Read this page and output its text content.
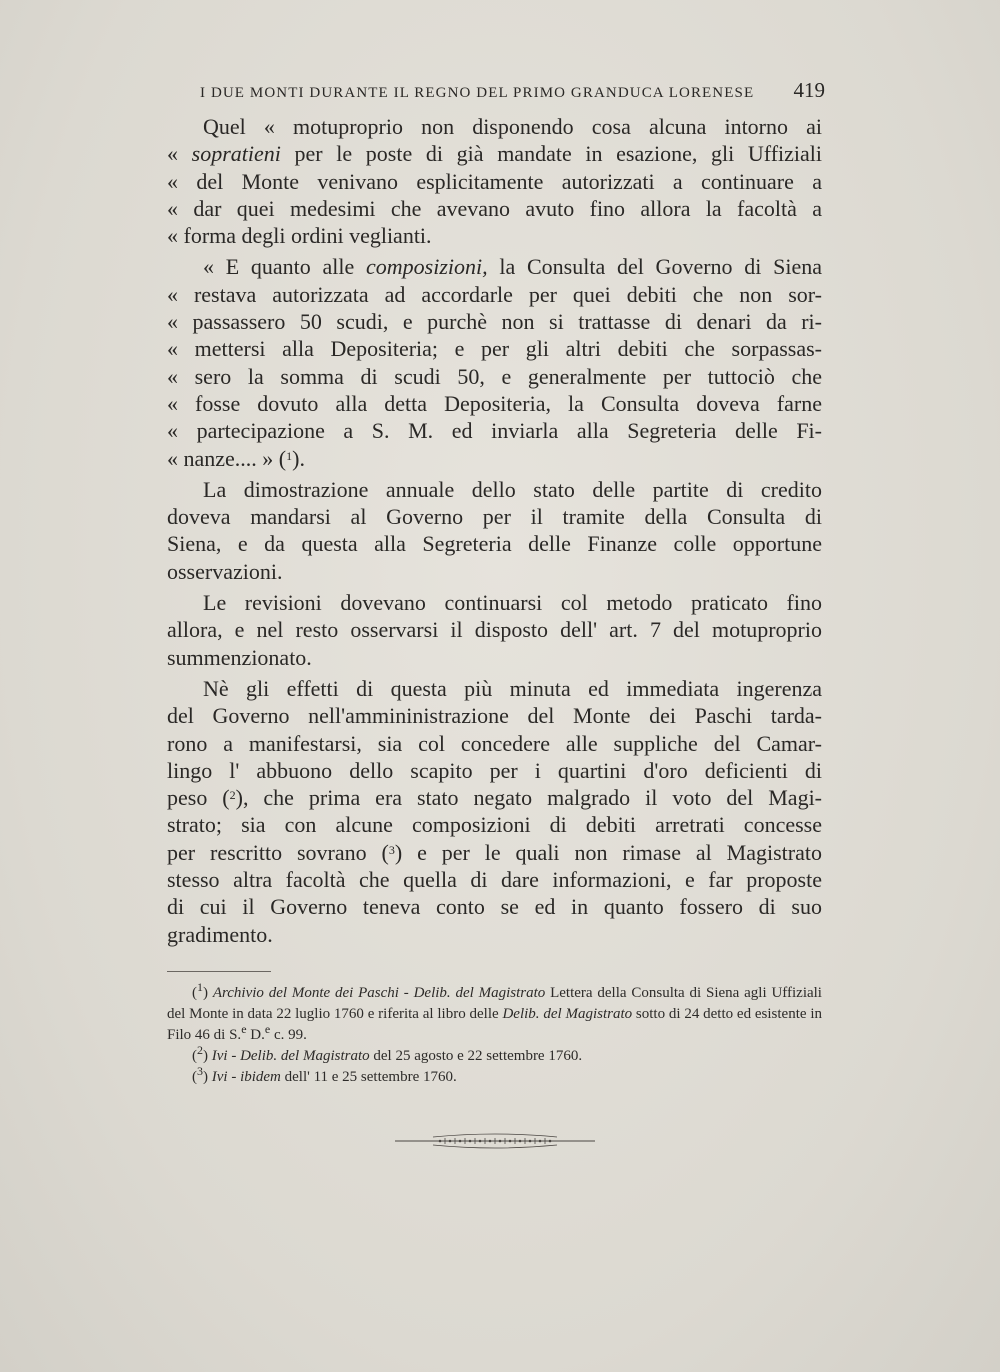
I DUE MONTI DURANTE IL REGNO DEL PRIMO GRANDUCA LORENESE 419

Quel « motuproprio non disponendo cosa alcuna intorno ai
« sopratieni per le poste di già mandate in esazione, gli Uffiziali
« del Monte venivano esplicitamente autorizzati a continuare a
« dar quei medesimi che avevano avuto fino allora la facoltà a
« forma degli ordini veglianti.

« E quanto alle composizioni, la Consulta del Governo di Siena
« restava autorizzata ad accordarle per quei debiti che non sor-
« passassero 50 scudi, e purchè non si trattasse di denari da ri-
« mettersi alla Depositeria; e per gli altri debiti che sorpassas-
« sero la somma di scudi 50, e generalmente per tuttociò che
« fosse dovuto alla detta Depositeria, la Consulta doveva farne
« partecipazione a S. M. ed inviarla alla Segreteria delle Fi-
« nanze.... » ($^1$).

La dimostrazione annuale dello stato delle partite di credito
doveva mandarsi al Governo per il tramite della Consulta di
Siena, e da questa alla Segreteria delle Finanze colle opportune
osservazioni.

Le revisioni dovevano continuarsi col metodo praticato fino
allora, e nel resto osservarsi il disposto dell' art. 7 del motuproprio
summenzionato.

Nè gli effetti di questa più minuta ed immediata ingerenza
del Governo nell'ammininistrazione del Monte dei Paschi tarda-
rono a manifestarsi, sia col concedere alle suppliche del Camar-
lingo l' abbuono dello scapito per i quartini d'oro deficienti di
peso ($^2$), che prima era stato negato malgrado il voto del Magi-
strato; sia con alcune composizioni di debiti arretrati concesse
per rescritto sovrano ($^3$) e per le quali non rimase al Magistrato
stesso altra facoltà che quella di dare informazioni, e far proposte
di cui il Governo teneva conto se ed in quanto fossero di suo
gradimento.

($^1$) Archivio del Monte dei Paschi - Delib. del Magistrato Lettera della Consulta di Siena agli Uffiziali del Monte in data 22 luglio 1760 e riferita al libro delle Delib. del Magistrato sotto di 24 detto ed esistente in Filo 46 di S.$^e$ D.$^e$ c. 99.
($^2$) Ivi - Delib. del Magistrato del 25 agosto e 22 settembre 1760.
($^3$) Ivi - ibidem dell' 11 e 25 settembre 1760.
